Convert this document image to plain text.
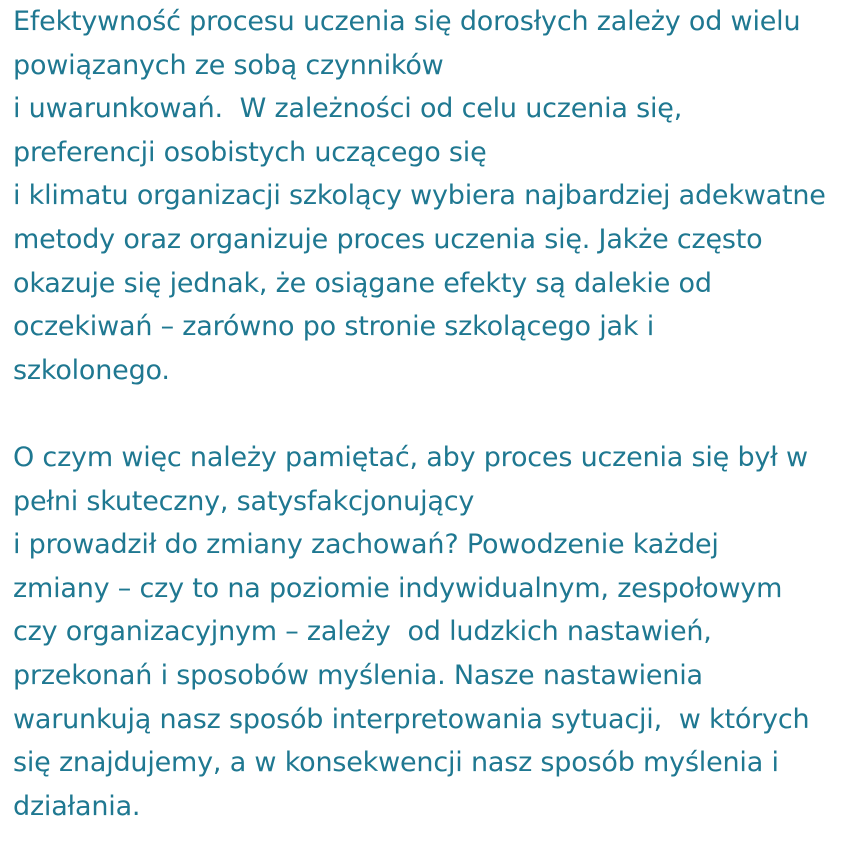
Efektywność procesu uczenia się dorosłych zależy od wielu
powiązanych ze sobą czynników
i uwarunkowań.  W zależności od celu uczenia się,
preferencji osobistych uczącego się
i klimatu organizacji szkolący wybiera najbardziej adekwatne
metody oraz organizuje proces uczenia się. Jakże często
okazuje się jednak, że osiągane efekty są dalekie od
oczekiwań – zarówno po stronie szkolącego jak i
szkolonego.

O czym więc należy pamiętać, aby proces uczenia się był w
pełni skuteczny, satysfakcjonujący
i prowadził do zmiany zachowań? Powodzenie każdej
zmiany – czy to na poziomie indywidualnym, zespołowym
czy organizacyjnym – zależy  od ludzkich nastawień,
przekonań i sposobów myślenia. Nasze nastawienia
warunkują nasz sposób interpretowania sytuacji,  w których
się znajdujemy, a w konsekwencji nasz sposób myślenia i
działania.
